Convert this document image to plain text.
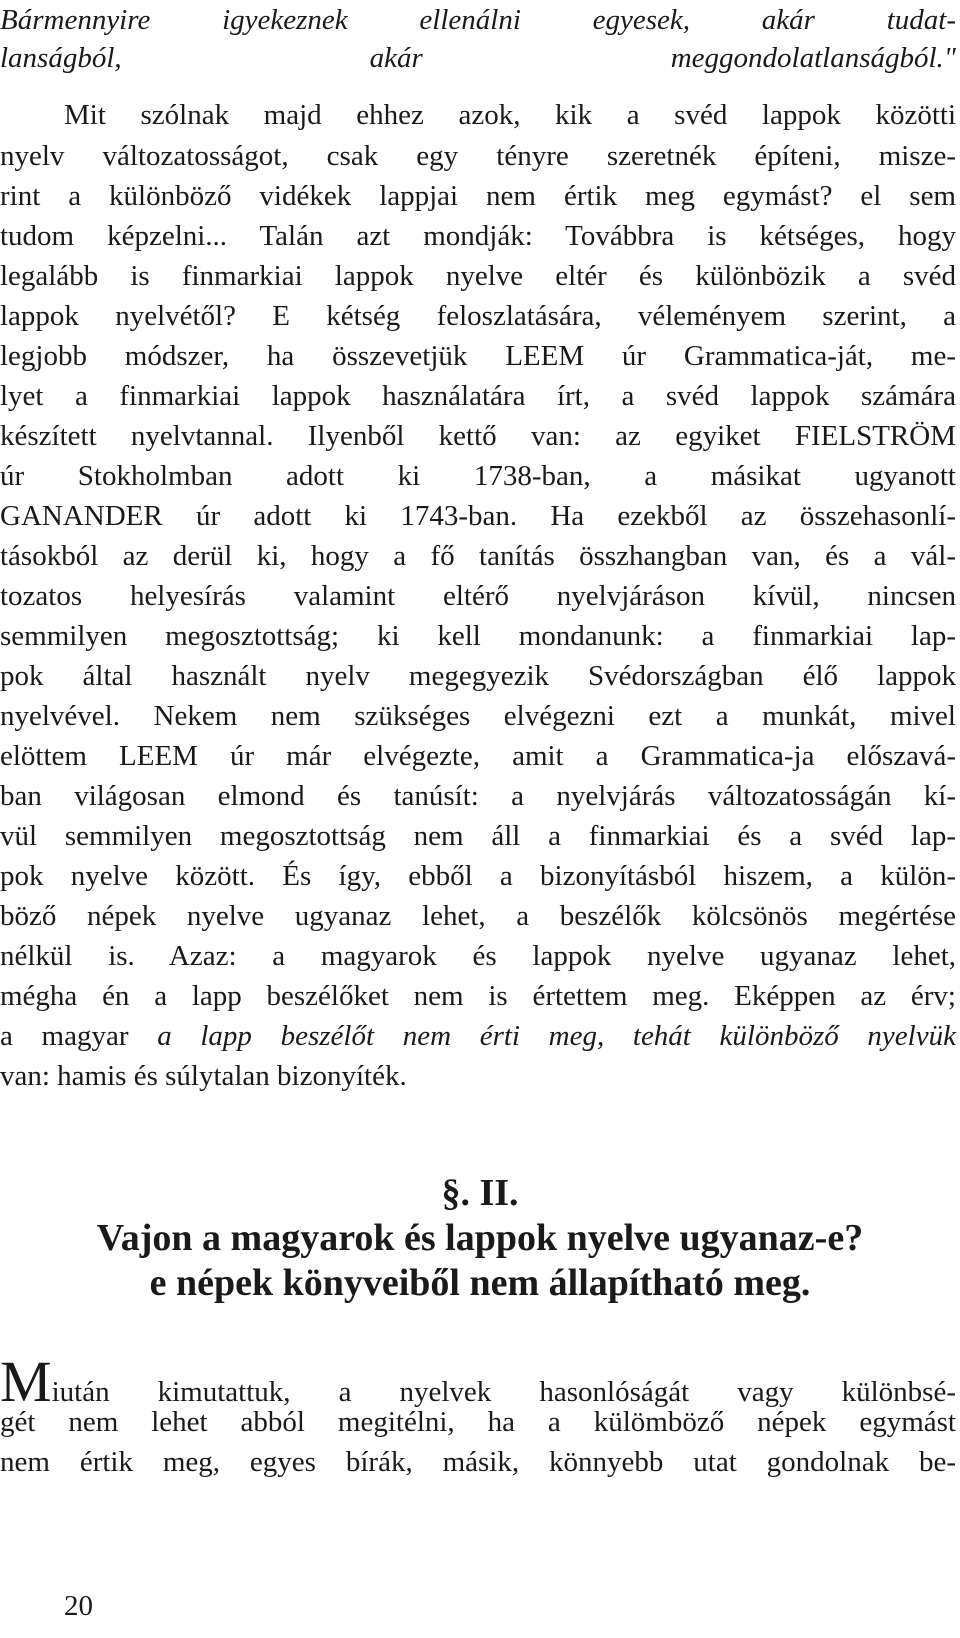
Bármennyire igyekeznek ellenálni egyesek, akár tudat-
lanságból, akár meggondolatlanságból."
Mit szólnak majd ehhez azok, kik a svéd lappok közötti
nyelv változatosságot, csak egy tényre szeretnék építeni, misze-
rint a különböző vidékek lappjai nem értik meg egymást? el sem
tudom képzelni... Talán azt mondják: Továbbra is kétséges, hogy
legalább is finmarkiai lappok nyelve eltér és különbözik a svéd
lappok nyelvétől? E kétség feloszlatására, véleményem szerint, a
legjobb módszer, ha összevetjük LEEM úr Grammatica-ját, me-
lyet a finmarkiai lappok használatára írt, a svéd lappok számára
készített nyelvtannal. Ilyenből kettő van: az egyiket FIELSTRÖM
úr Stokholmban adott ki 1738-ban, a másikat ugyanott
GANANDER úr adott ki 1743-ban. Ha ezekből az összehasonlí-
tásokból az derül ki, hogy a fő tanítás összhangban van, és a vál-
tozatos helyesírás valamint eltérő nyelvjáráson kívül, nincsen
semmilyen megosztottság; ki kell mondanunk: a finmarkiai lap-
pok által használt nyelv megegyezik Svédországban élő lappok
nyelvével. Nekem nem szükséges elvégezni ezt a munkát, mivel
elöttem LEEM úr már elvégezte, amit a Grammatica-ja előszavá-
ban világosan elmond és tanúsít: a nyelvjárás változatosságán kí-
vül semmilyen megosztottság nem áll a finmarkiai és a svéd lap-
pok nyelve között. És így, ebből a bizonyításból hiszem, a külön-
böző népek nyelve ugyanaz lehet, a beszélők kölcsönös megértése
nélkül is. Azaz: a magyarok és lappok nyelve ugyanaz lehet,
mégha én a lapp beszélőket nem is értettem meg. Eképpen az érv;
a magyar a lapp beszélőt nem érti meg, tehát különböző nyelvük
van: hamis és súlytalan bizonyíték.
§. II.
Vajon a magyarok és lappok nyelve ugyanaz-e?
e népek könyveiből nem állapítható meg.
Miután kimutattuk, a nyelvek hasonlóságát vagy különbsé-
gét nem lehet abból megitélni, ha a külömböző népek egymást
nem értik meg, egyes bírák, másik, könnyebb utat gondolnak be-
20
